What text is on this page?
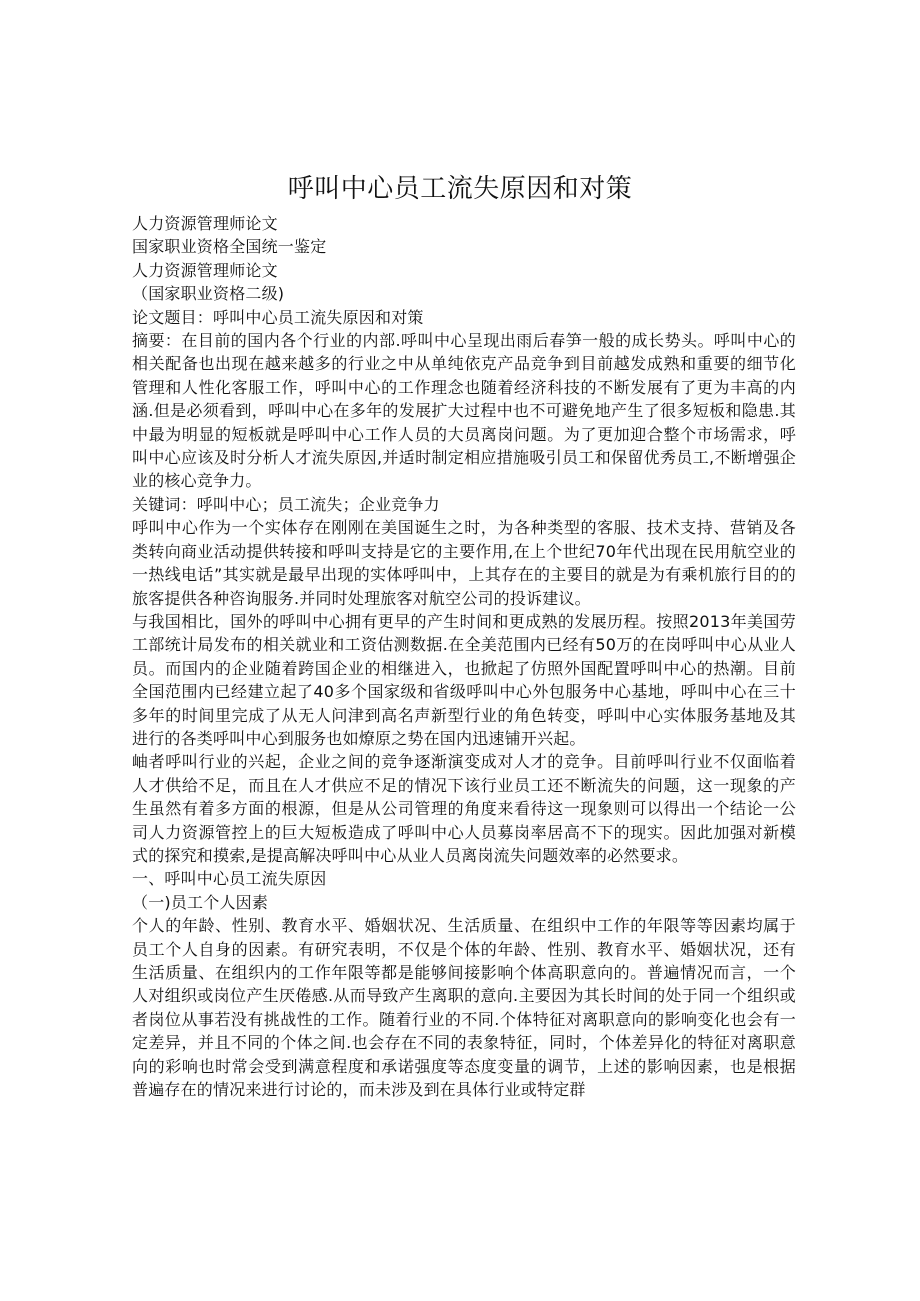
呼叫中心员工流失原因和对策

人力资源管理师论文

国家职业资格全国统一鉴定

人力资源管理师论文

（国家职业资格二级)

论文题目：呼叫中心员工流失原因和对策

摘要：在目前的国内各个行业的内部.呼叫中心呈现出雨后春笋一般的成长势头。呼叫中心的相关配备也出现在越来越多的行业之中从单纯依克产品竞争到目前越发成熟和重要的细节化管理和人性化客服工作，呼叫中心的工作理念也随着经济科技的不断发展有了更为丰高的内涵.但是必须看到，呼叫中心在多年的发展扩大过程中也不可避免地产生了很多短板和隐患.其中最为明显的短板就是呼叫中心工作人员的大员离岗问题。为了更加迎合整个市场需求，呼叫中心应该及时分析人才流失原因,并适时制定相应措施吸引员工和保留优秀员工,不断增强企业的核心竞争力。

关键词：呼叫中心；员工流失；企业竞争力

呼叫中心作为一个实体存在刚刚在美国诞生之时，为各种类型的客服、技术支持、营销及各类转向商业活动提供转接和呼叫支持是它的主要作用,在上个世纪70年代出现在民用航空业的一热线电话”其实就是最早出现的实体呼叫中，上其存在的主要目的就是为有乘机旅行目的的旅客提供各种咨询服务.并同时处理旅客对航空公司的投诉建议。

与我国相比，国外的呼叫中心拥有更早的产生时间和更成熟的发展历程。按照2013年美国劳工部统计局发布的相关就业和工资估测数据.在全美范围内已经有50万的在岗呼叫中心从业人员。而国内的企业随着跨国企业的相继进入，也掀起了仿照外国配置呼叫中心的热潮。目前全国范围内已经建立起了40多个国家级和省级呼叫中心外包服务中心基地，呼叫中心在三十多年的时间里完成了从无人问津到高名声新型行业的角色转变，呼叫中心实体服务基地及其进行的各类呼叫中心到服务也如燎原之势在国内迅速铺开兴起。

岫者呼叫行业的兴起，企业之间的竞争逐渐演变成对人才的竞争。目前呼叫行业不仅面临着人才供给不足，而且在人才供应不足的情况下该行业员工还不断流失的问题，这一现象的产生虽然有着多方面的根源，但是从公司管理的角度来看待这一现象则可以得出一个结论一公司人力资源管控上的巨大短板造成了呼叫中心人员募岗率居高不下的现实。因此加强对新模式的探究和摸索,是提高解决呼叫中心从业人员离岗流失问题效率的必然要求。

一、呼叫中心员工流失原因

（一)员工个人因素

个人的年龄、性别、教育水平、婚姻状况、生活质量、在组织中工作的年限等等因素均属于员工个人自身的因素。有研究表明，不仅是个体的年龄、性别、教育水平、婚姻状况，还有生活质量、在组织内的工作年限等都是能够间接影响个体高职意向的。普遍情况而言，一个人对组织或岗位产生厌倦感.从而导致产生离职的意向.主要因为其长时间的处于同一个组织或者岗位从事若没有挑战性的工作。随着行业的不同.个体特征对离职意向的影响变化也会有一定差异，并且不同的个体之间.也会存在不同的表象特征，同时，个体差异化的特征对离职意向的彩响也时常会受到满意程度和承诺强度等态度变量的调节，上述的影响因素，也是根据普遍存在的情况来进行讨论的，而未涉及到在具体行业或特定群
